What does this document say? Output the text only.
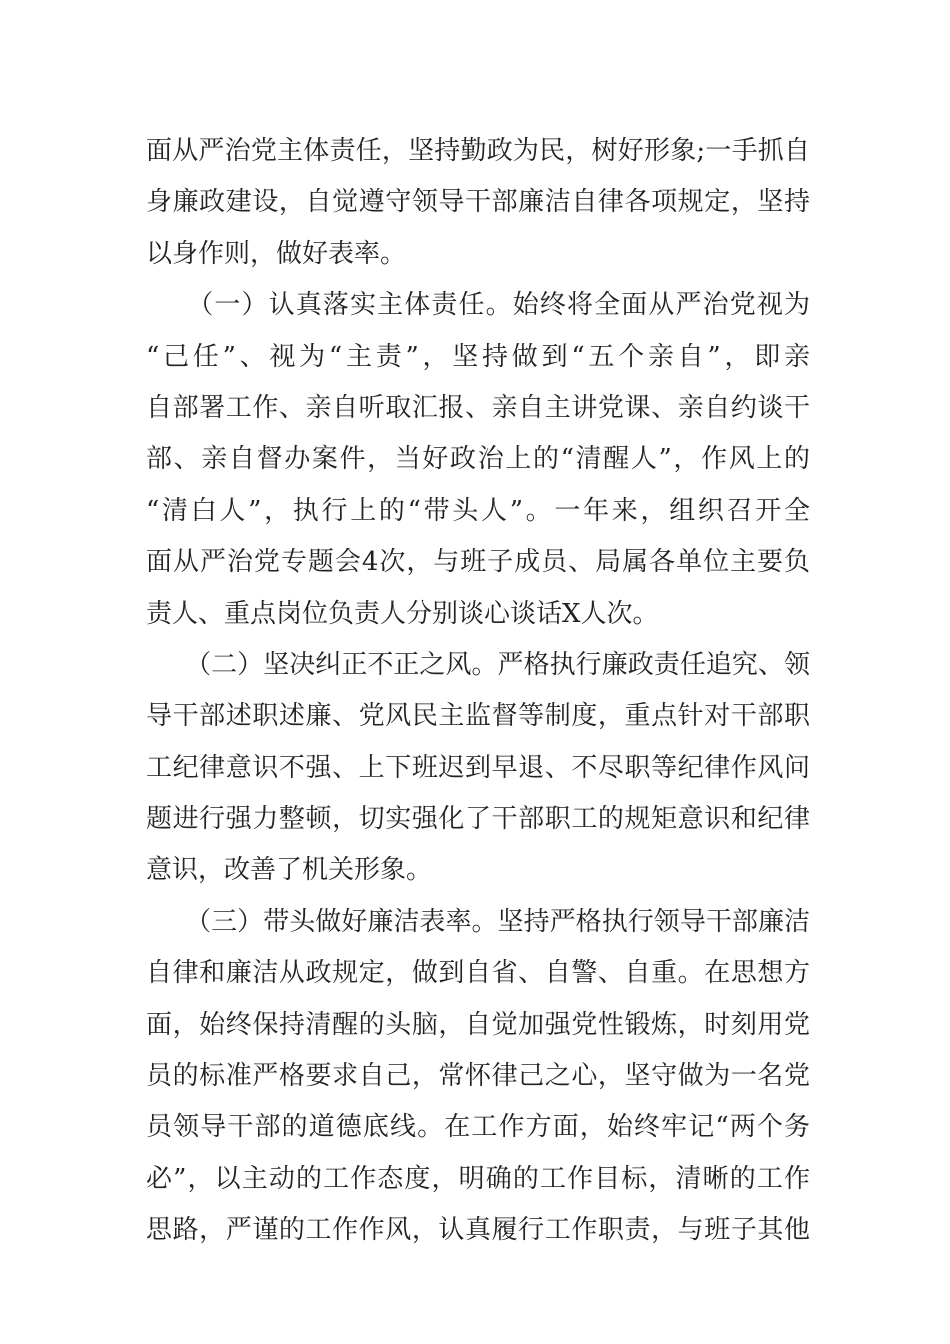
面从严治党主体责任，坚持勤政为民，树好形象;一手抓自
身廉政建设，自觉遵守领导干部廉洁自律各项规定，坚持
以身作则，做好表率。
　　（一）认真落实主体责任。始终将全面从严治党视为
“己任”、视为“主责”，坚持做到“五个亲自”，即亲
自部署工作、亲自听取汇报、亲自主讲党课、亲自约谈干
部、亲自督办案件，当好政治上的“清醒人”，作风上的
“清白人”，执行上的“带头人”。一年来，组织召开全
面从严治党专题会4次，与班子成员、局属各单位主要负
责人、重点岗位负责人分别谈心谈话X人次。
　　（二）坚决纠正不正之风。严格执行廉政责任追究、领
导干部述职述廉、党风民主监督等制度，重点针对干部职
工纪律意识不强、上下班迟到早退、不尽职等纪律作风问
题进行强力整顿，切实强化了干部职工的规矩意识和纪律
意识，改善了机关形象。
　　（三）带头做好廉洁表率。坚持严格执行领导干部廉洁
自律和廉洁从政规定，做到自省、自警、自重。在思想方
面，始终保持清醒的头脑，自觉加强党性锻炼，时刻用党
员的标准严格要求自己，常怀律己之心，坚守做为一名党
员领导干部的道德底线。在工作方面，始终牢记“两个务
必”，以主动的工作态度，明确的工作目标，清晰的工作
思路，严谨的工作作风，认真履行工作职责，与班子其他
